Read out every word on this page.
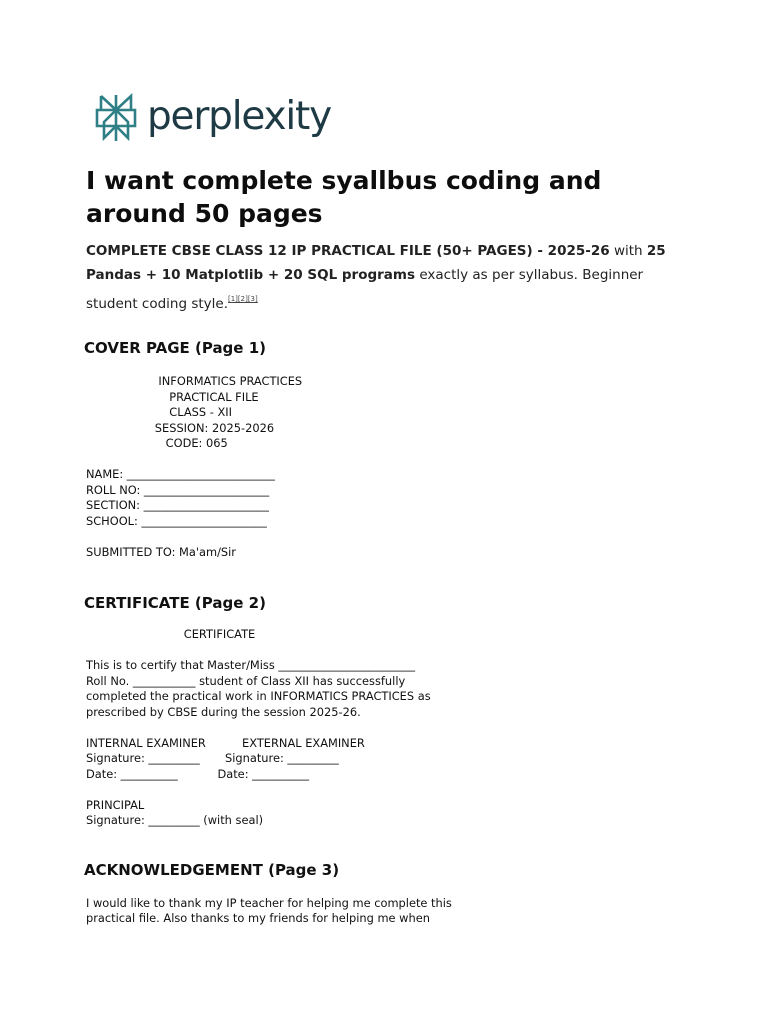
perplexity
I want complete syallbus coding and around 50 pages
COMPLETE CBSE CLASS 12 IP PRACTICAL FILE (50+ PAGES) - 2025-26 with 25 Pandas + 10 Matplotlib + 20 SQL programs exactly as per syllabus. Beginner student coding style.[1][2][3]
COVER PAGE (Page 1)
INFORMATICS PRACTICES
PRACTICAL FILE
CLASS - XII
SESSION: 2025-2026
CODE: 065

NAME: __________________________
ROLL NO: ______________________
SECTION: ______________________
SCHOOL: ______________________

SUBMITTED TO: Ma'am/Sir
CERTIFICATE (Page 2)
CERTIFICATE

This is to certify that Master/Miss ________________________
Roll No. ___________ student of Class XII has successfully
completed the practical work in INFORMATICS PRACTICES as
prescribed by CBSE during the session 2025-26.

INTERNAL EXAMINER          EXTERNAL EXAMINER
Signature: _________       Signature: _________
Date: __________           Date: __________

PRINCIPAL
Signature: _________ (with seal)
ACKNOWLEDGEMENT (Page 3)
I would like to thank my IP teacher for helping me complete this
practical file. Also thanks to my friends for helping me when
